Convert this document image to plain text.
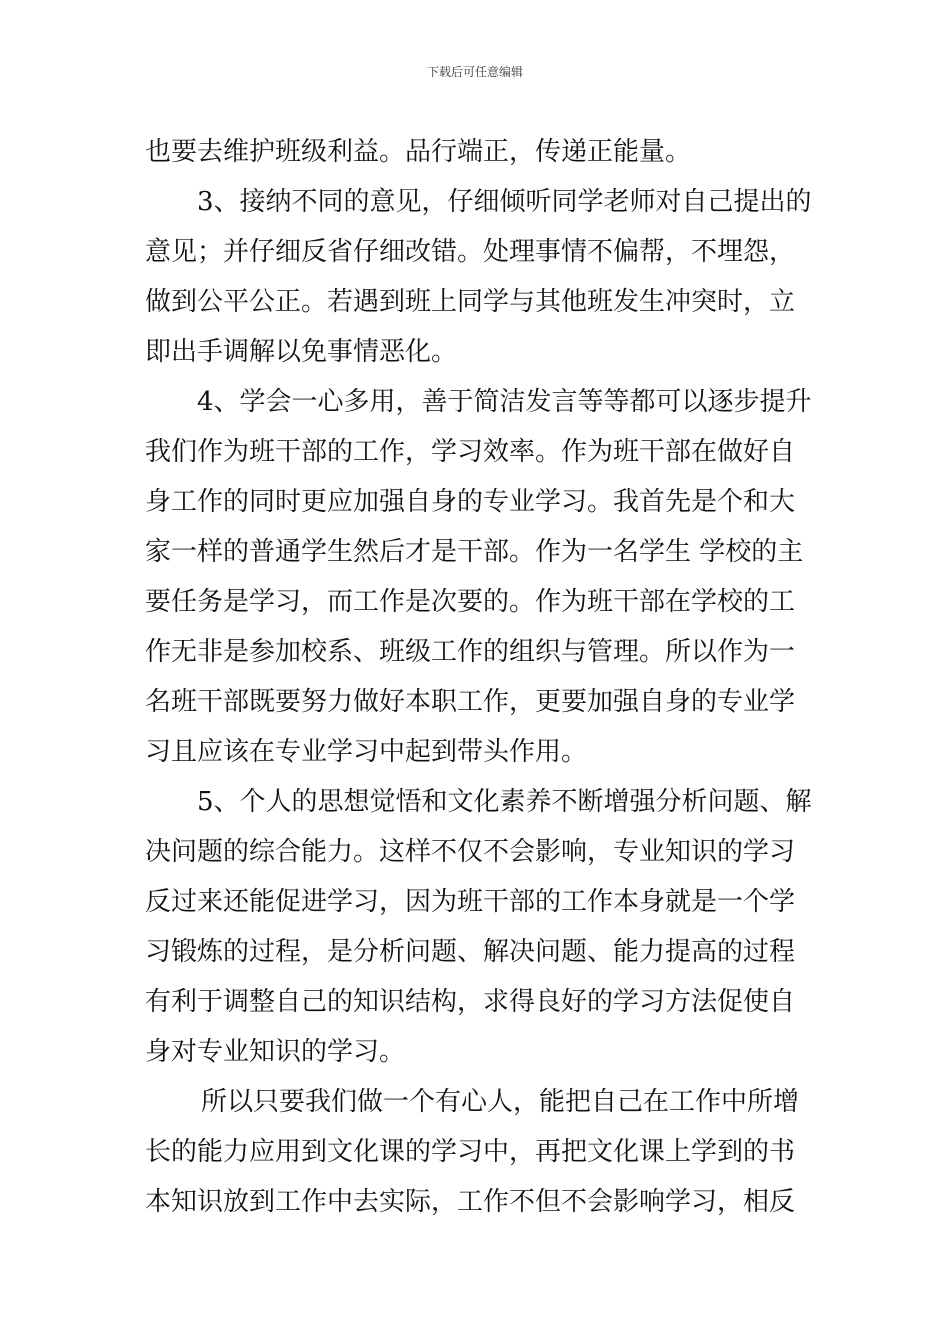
下载后可任意编辑
也要去维护班级利益。品行端正，传递正能量。
3、接纳不同的意见，仔细倾听同学老师对自己提出的
意见；并仔细反省仔细改错。处理事情不偏帮，不埋怨，
做到公平公正。若遇到班上同学与其他班发生冲突时，立
即出手调解以免事情恶化。
4、学会一心多用，善于简洁发言等等都可以逐步提升
我们作为班干部的工作，学习效率。作为班干部在做好自
身工作的同时更应加强自身的专业学习。我首先是个和大
家一样的普通学生然后才是干部。作为一名学生 学校的主
要任务是学习，而工作是次要的。作为班干部在学校的工
作无非是参加校系、班级工作的组织与管理。所以作为一
名班干部既要努力做好本职工作，更要加强自身的专业学
习且应该在专业学习中起到带头作用。
5、个人的思想觉悟和文化素养不断增强分析问题、解
决问题的综合能力。这样不仅不会影响，专业知识的学习
反过来还能促进学习，因为班干部的工作本身就是一个学
习锻炼的过程，是分析问题、解决问题、能力提高的过程
有利于调整自己的知识结构，求得良好的学习方法促使自
身对专业知识的学习。
所以只要我们做一个有心人，能把自己在工作中所增
长的能力应用到文化课的学习中，再把文化课上学到的书
本知识放到工作中去实际，工作不但不会影响学习，相反
